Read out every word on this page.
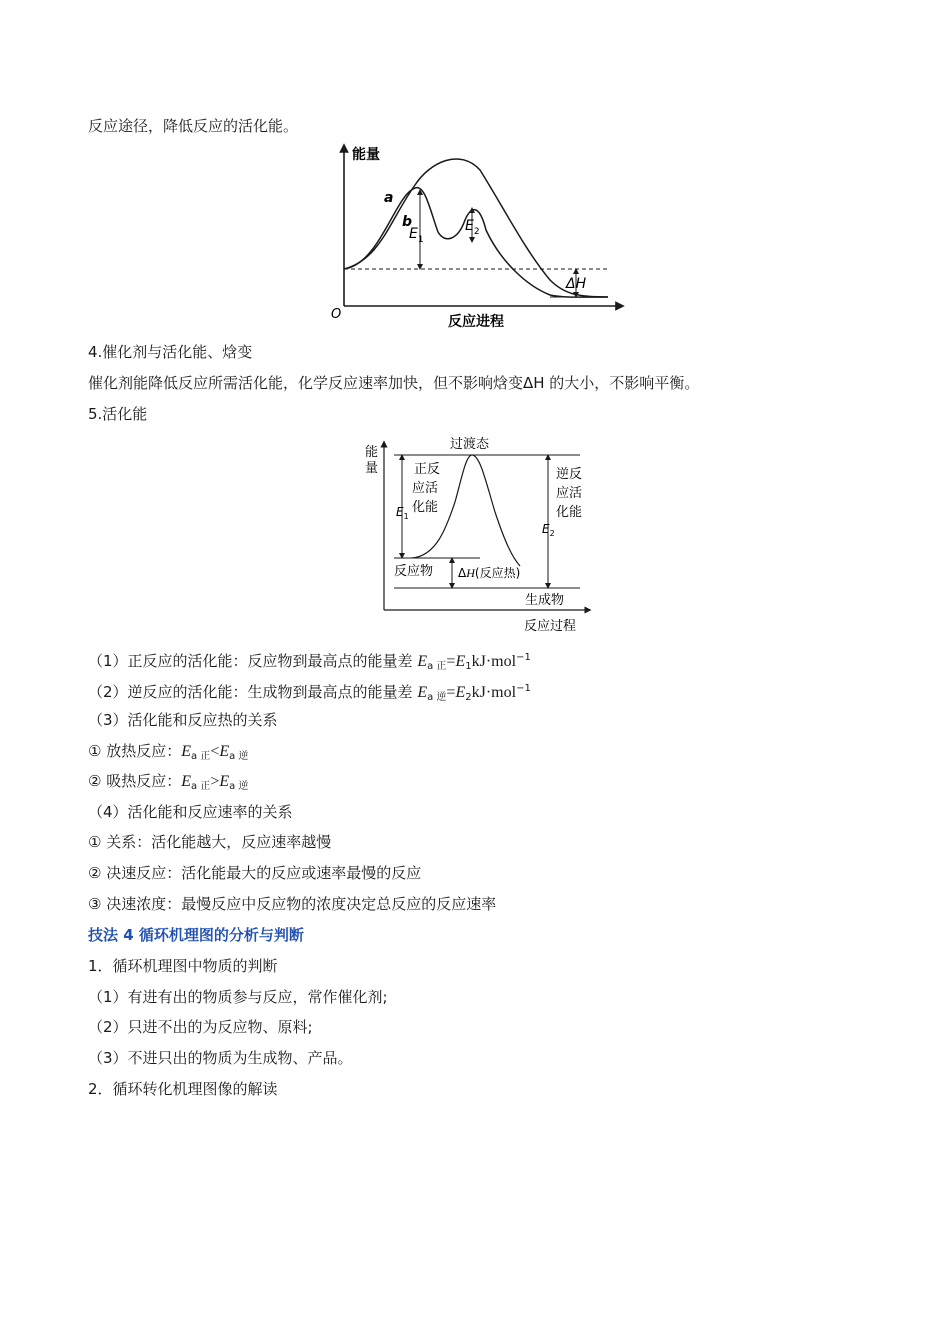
反应途径，降低反应的活化能。
能量
反应进程
O
a
b
$E_1$
$E_2$
ΔH
4.催化剂与活化能、焓变
催化剂能降低反应所需活化能，化学反应速率加快，但不影响焓变ΔH 的大小，不影响平衡。
5.活化能
能
量
过渡态
$E_1$
正反
应活
化能
$E_2$
逆反
应活
化能
反应物 ΔH(反应热)
生成物
反应过程
（1）正反应的活化能：反应物到最高点的能量差 $E_{a 正}=E_1kJ\cdot mol^{-1}$
（2）逆反应的活化能：生成物到最高点的能量差 $E_{a 逆}=E_2kJ\cdot mol^{-1}$
（3）活化能和反应热的关系
① 放热反应：$E_{a 正}<E_{a 逆}$
② 吸热反应：$E_{a 正}>E_{a 逆}$
（4）活化能和反应速率的关系
① 关系：活化能越大，反应速率越慢
② 决速反应：活化能最大的反应或速率最慢的反应
③ 决速浓度：最慢反应中反应物的浓度决定总反应的反应速率
技法 4 循环机理图的分析与判断
1．循环机理图中物质的判断
（1）有进有出的物质参与反应，常作催化剂;
（2）只进不出的为反应物、原料;
（3）不进只出的物质为生成物、产品。
2．循环转化机理图像的解读
